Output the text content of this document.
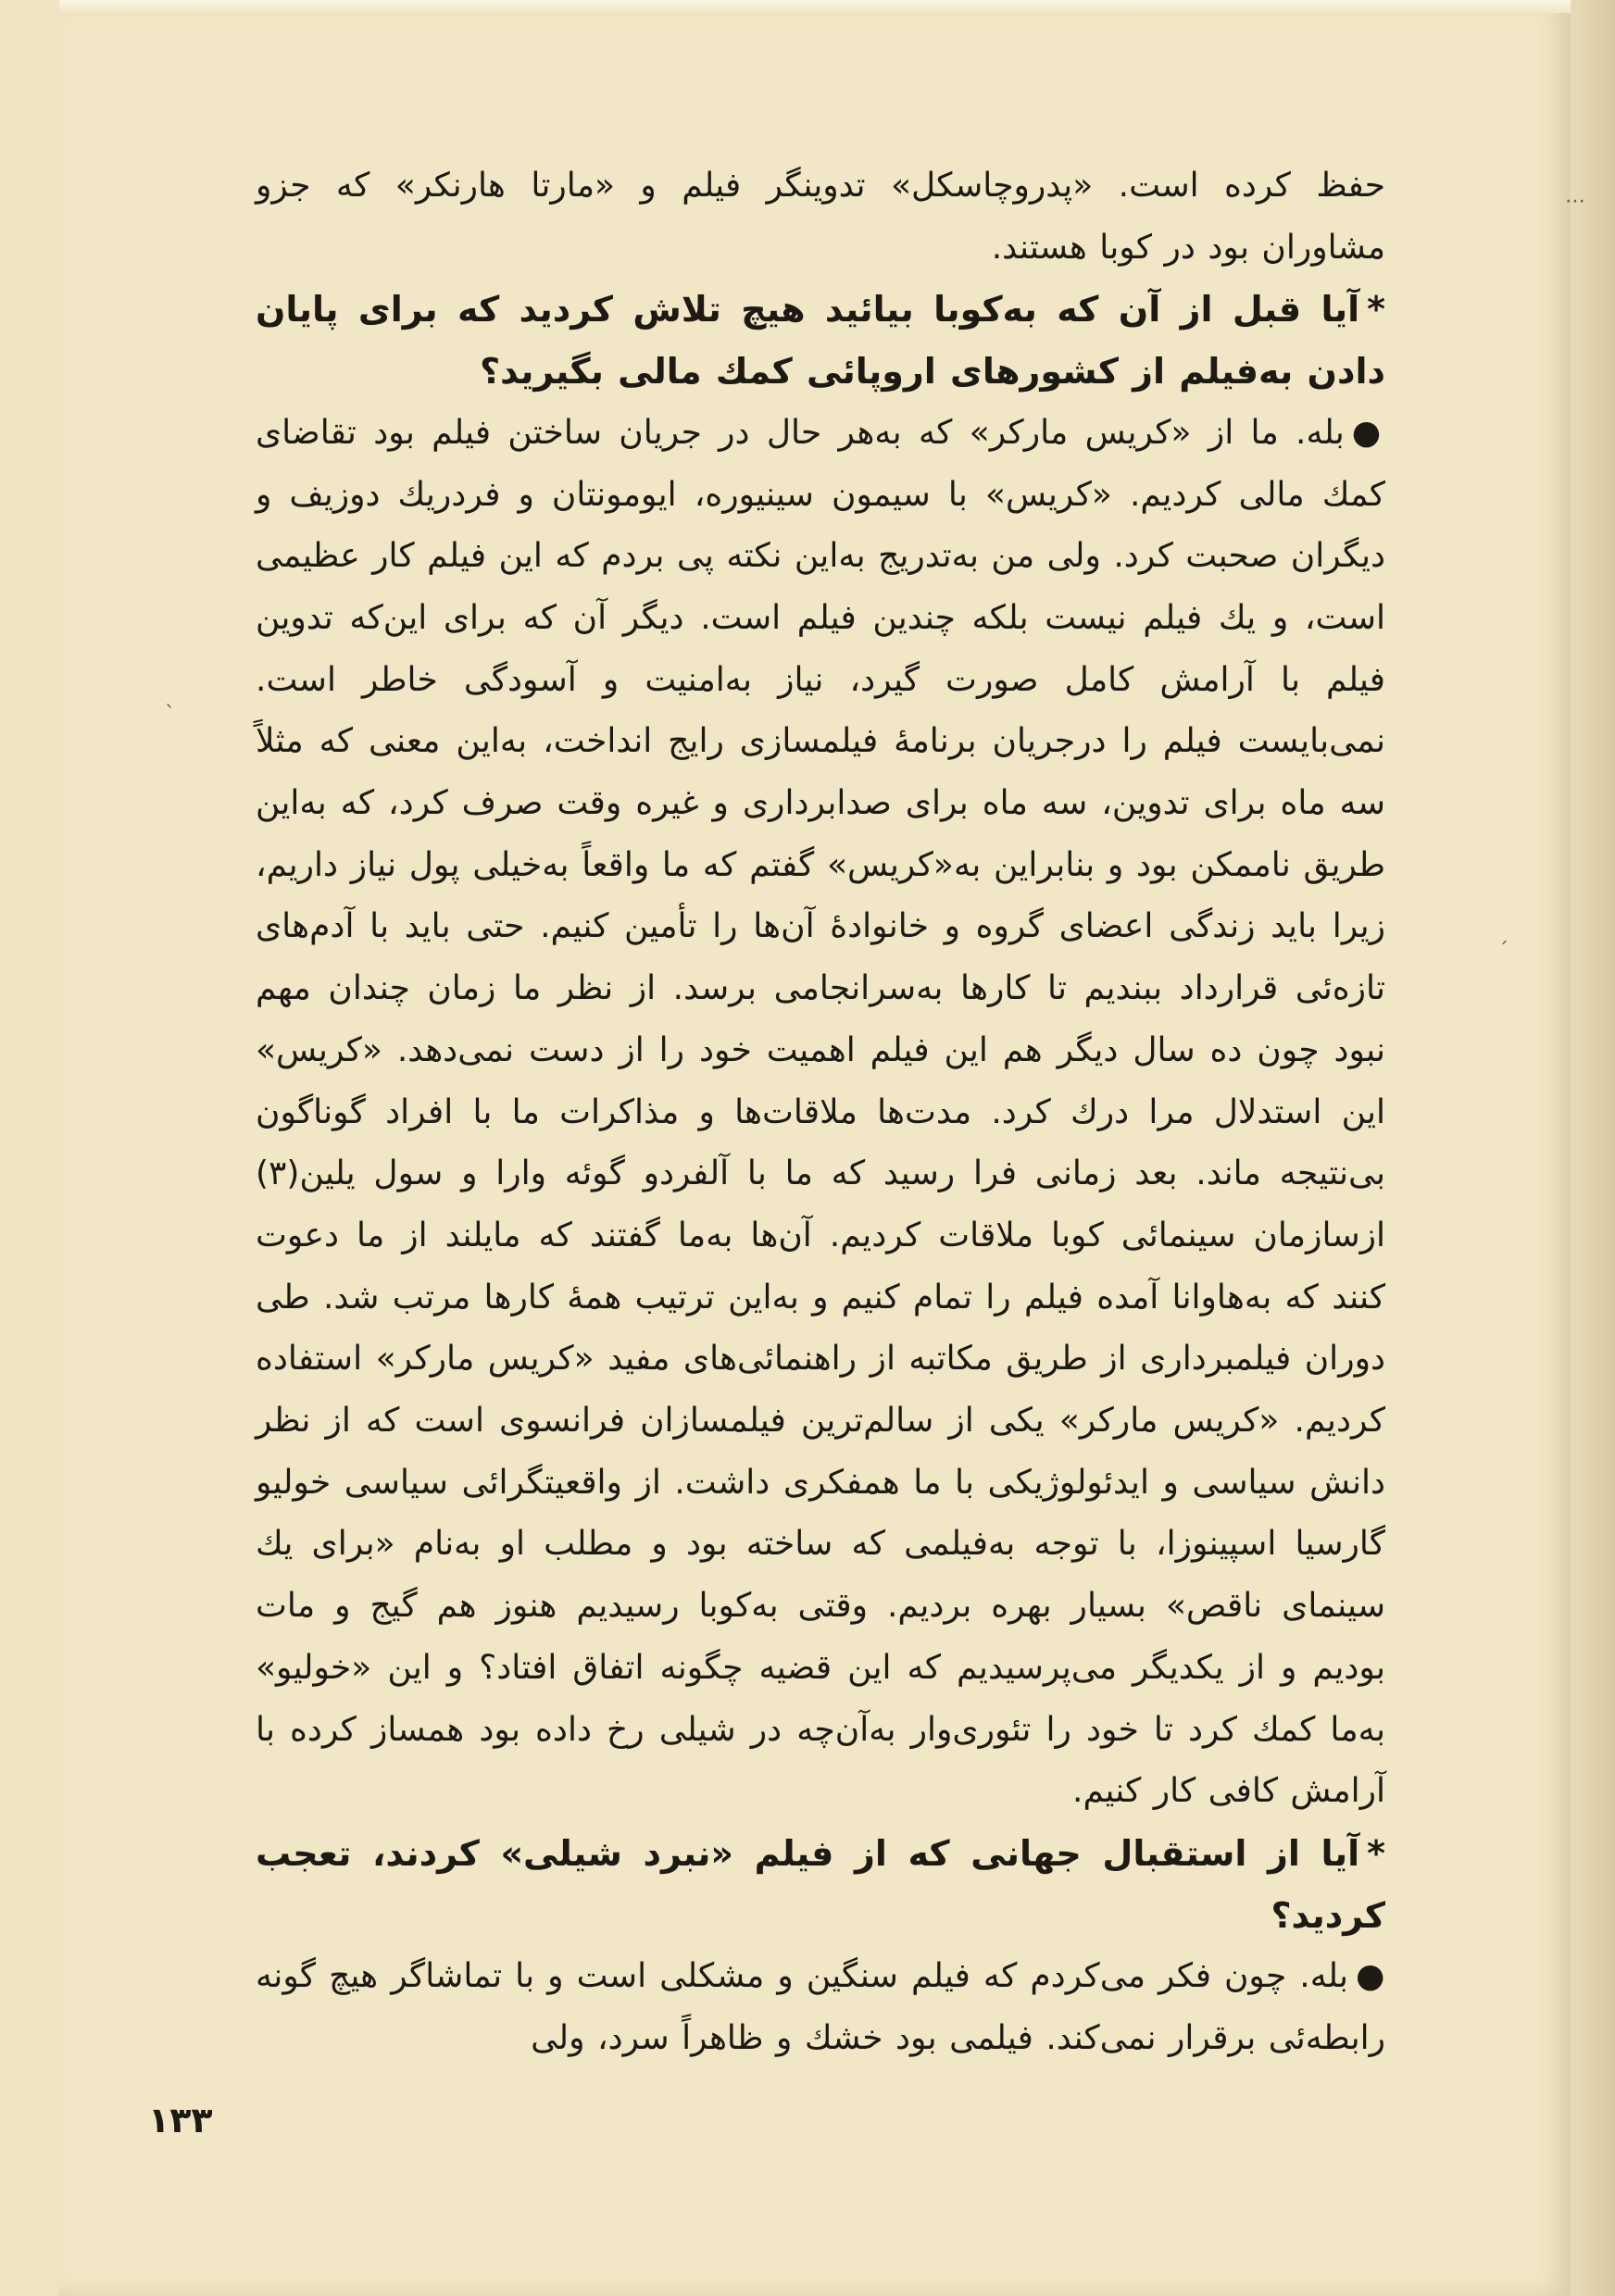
⋯
ˊ
ˎ

حفظ کرده است. «پدروچاسکل» تدوینگر فیلم و «مارتا هارنکر» که جزو مشاوران بود در کوبا هستند.

*آیا قبل از آن که به‌کوبا بیائید هیچ تلاش کردید که برای پایان دادن به‌فیلم از کشورهای اروپائی کمك مالی بگیرید؟

●بله. ما از «کریس مارکر» که به‌هر حال در جریان ساختن فیلم بود تقاضای کمك مالی کردیم. «کریس» با سیمون سینیوره، ایومونتان و فردریك دوزیف و دیگران صحبت کرد. ولی من به‌تدریج به‌این نکته پی بردم که این فیلم کار عظیمی است، و یك فیلم نیست بلکه چندین فیلم است. دیگر آن که برای این‌که تدوین فیلم با آرامش کامل صورت گیرد، نیاز به‌امنیت و آسودگی خاطر است. نمی‌بایست فیلم را درجریان برنامهٔ فیلمسازی رایج انداخت، به‌این معنی که مثلاً سه ماه برای تدوین، سه ماه برای صدابرداری و غیره وقت صرف کرد، که به‌این طریق ناممکن بود و بنابراین به«کریس» گفتم که ما واقعاً به‌خیلی پول نیاز داریم، زیرا باید زندگی اعضای گروه و خانوادهٔ آن‌ها را تأمین کنیم. حتی باید با آدم‌های تازه‌ئی قرارداد ببندیم تا کارها به‌سرانجامی برسد. از نظر ما زمان چندان مهم نبود چون ده سال دیگر هم این فیلم اهمیت خود را از دست نمی‌دهد. «کریس» این استدلال مرا درك کرد. مدت‌ها ملاقات‌ها و مذاکرات ما با افراد گوناگون بی‌نتیجه ماند. بعد زمانی فرا رسید که ما با آلفردو گوئه وارا و سول یلین(۳) ازسازمان سینمائی کوبا ملاقات کردیم. آن‌ها به‌ما گفتند که مایلند از ما دعوت کنند که به‌هاوانا آمده فیلم را تمام کنیم و به‌این ترتیب همهٔ کارها مرتب شد. طی دوران فیلمبرداری از طریق مکاتبه از راهنمائی‌های مفید «کریس مارکر» استفاده کردیم. «کریس مارکر» یکی از سالم‌ترین فیلمسازان فرانسوی است که از نظر دانش سیاسی و ایدئولوژیکی با ما همفکری داشت. از واقعیتگرائی سیاسی خولیو گارسیا اسپینوزا، با توجه به‌فیلمی که ساخته بود و مطلب او به‌نام «برای یك سینمای ناقص» بسیار بهره بردیم. وقتی به‌کوبا رسیدیم هنوز هم گیج و مات بودیم و از یکدیگر می‌پرسیدیم که این قضیه چگونه اتفاق افتاد؟ و این «خولیو» به‌ما کمك کرد تا خود را تئوری‌وار به‌آن‌چه در شیلی رخ داده بود همساز کرده با آرامش کافی کار کنیم.

*آیا از استقبال جهانی که از فیلم «نبرد شیلی» کردند، تعجب کردید؟

●بله. چون فکر می‌کردم که فیلم سنگین و مشکلی است و با تماشاگر هیچ گونه رابطه‌ئی برقرار نمی‌کند. فیلمی بود خشك و ظاهراً سرد، ولی

۱۳۳
